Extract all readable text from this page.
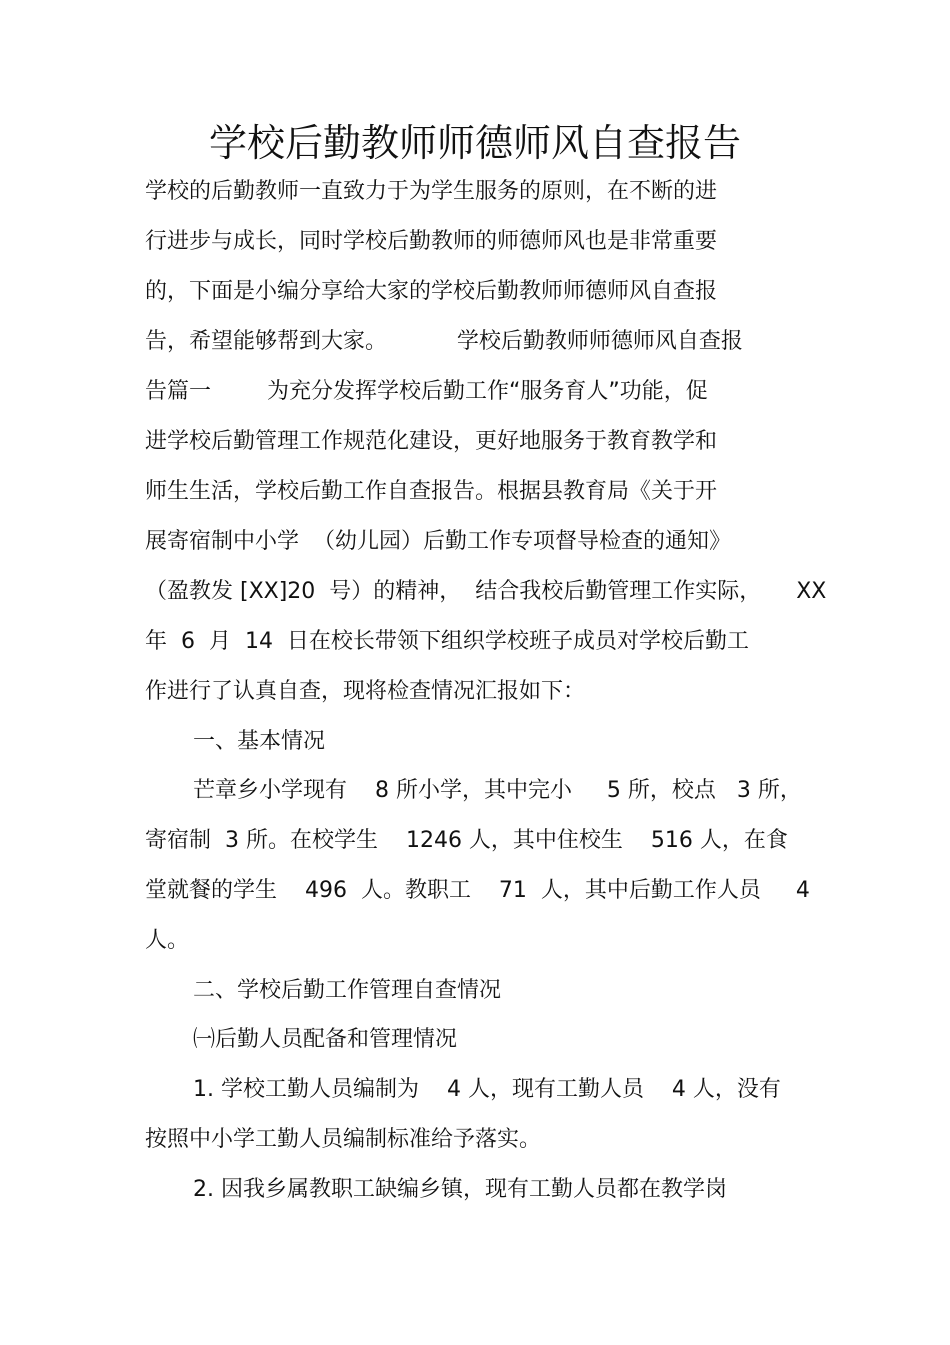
学校后勤教师师德师风自查报告

学校的后勤教师一直致力于为学生服务的原则，在不断的进

行进步与成长，同时学校后勤教师的师德师风也是非常重要

的，下面是小编分享给大家的学校后勤教师师德师风自查报

告，希望能够帮到大家。          学校后勤教师师德师风自查报

告篇一        为充分发挥学校后勤工作“服务育人”功能，促

进学校后勤管理工作规范化建设，更好地服务于教育教学和

师生生活，学校后勤工作自查报告。根据县教育局《关于开

展寄宿制中小学  （幼儿园）后勤工作专项督导检查的通知》

（盈教发 [XX]20  号）的精神，  结合我校后勤管理工作实际，     XX

年  6  月  14  日在校长带领下组织学校班子成员对学校后勤工

作进行了认真自查，现将检查情况汇报如下：

一、基本情况

芒章乡小学现有    8 所小学，其中完小     5 所，校点   3 所，

寄宿制  3 所。在校学生    1246 人，其中住校生    516 人，在食

堂就餐的学生    496  人。教职工    71  人，其中后勤工作人员     4

人。

二、学校后勤工作管理自查情况

㈠后勤人员配备和管理情况

1. 学校工勤人员编制为    4 人，现有工勤人员    4 人，没有

按照中小学工勤人员编制标准给予落实。

2. 因我乡属教职工缺编乡镇，现有工勤人员都在教学岗
